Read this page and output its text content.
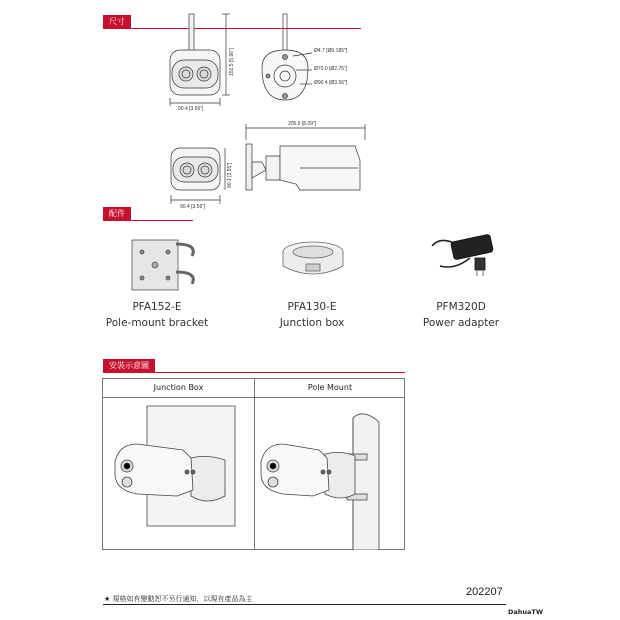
尺寸
90.4 [3.56"]
151.5 [5.96"]	Ø4.7 [Ø0.185"]
Ø70.0 [Ø2.76"]
Ø90.4 [Ø3.56"]
205.5 [8.09"]
90.1 [3.55"]
90.4 [3.56"]
配件
PFA152-E
Pole-mount bracket
PFA130-E
Junction box
PFM320D
Power adapter
安裝示意圖
Junction Box	Pole Mount
★ 規格如有變動恕不另行通知，以現有產品為主
202207
DahuaTW
